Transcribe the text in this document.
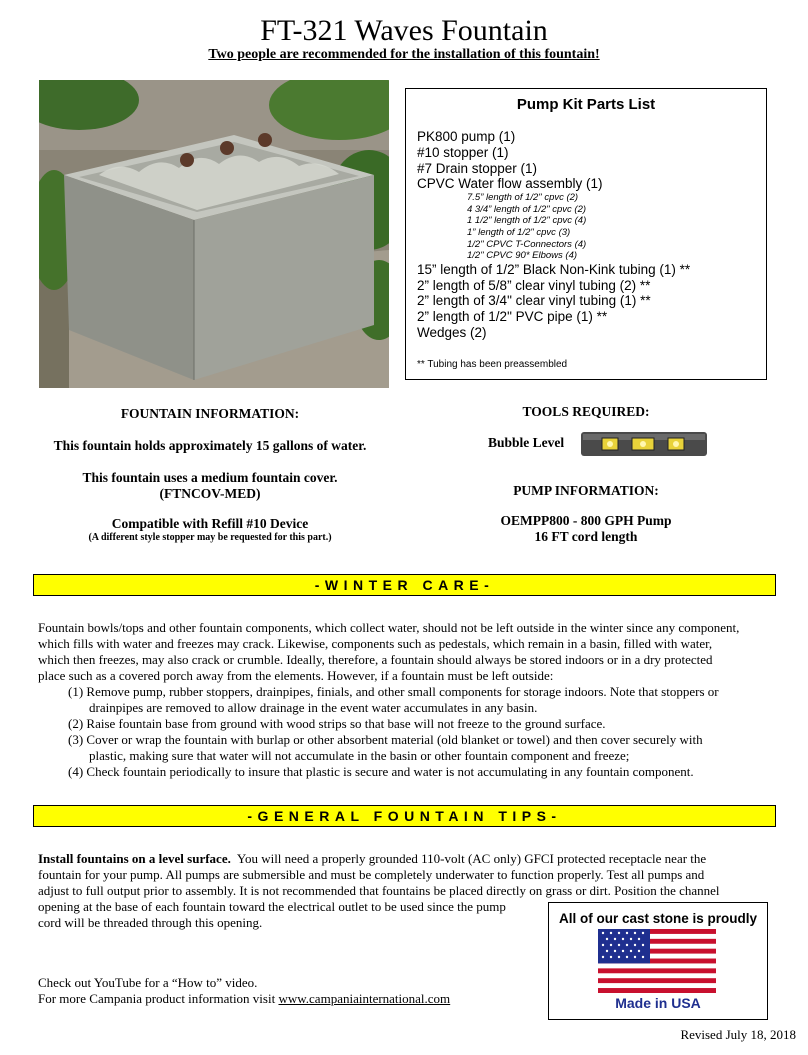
FT-321 Waves Fountain
Two people are recommended for the installation of this fountain!
Pump Kit Parts List
PK800 pump (1)
#10 stopper (1)
#7 Drain stopper (1)
CPVC Water flow assembly (1)
7.5” length of 1/2" cpvc (2)
4 3/4” length of 1/2" cpvc (2)
1 1/2" length of 1/2" cpvc (4)
1” length of 1/2" cpvc (3)
1/2" CPVC T-Connectors (4)
1/2" CPVC 90* Elbows (4)
15” length of 1/2” Black Non-Kink tubing (1) **
2” length of 5/8” clear vinyl tubing (2) **
2” length of 3/4" clear vinyl tubing (1) **
2” length of 1/2" PVC pipe (1) **
Wedges (2)
** Tubing has been preassembled
FOUNTAIN INFORMATION:
This fountain holds approximately 15 gallons of water.
This fountain uses a medium fountain cover.
(FTNCOV-MED)
Compatible with Refill #10 Device
(A different style stopper may be requested for this part.)
TOOLS REQUIRED:
Bubble Level
PUMP INFORMATION:
OEMPP800 - 800 GPH Pump
16 FT cord length
-WINTER CARE-
Fountain bowls/tops and other fountain components, which collect water, should not be left outside in the winter since any component,
which fills with water and freezes may crack. Likewise, components such as pedestals, which remain in a basin, filled with water,
which then freezes, may also crack or crumble. Ideally, therefore, a fountain should always be stored indoors or in a dry protected
place such as a covered porch away from the elements. However, if a fountain must be left outside:
(1) Remove pump, rubber stoppers, drainpipes, finials, and other small components for storage indoors. Note that stoppers or
drainpipes are removed to allow drainage in the event water accumulates in any basin.
(2) Raise fountain base from ground with wood strips so that base will not freeze to the ground surface.
(3) Cover or wrap the fountain with burlap or other absorbent material (old blanket or towel) and then cover securely with
plastic, making sure that water will not accumulate in the basin or other fountain component and freeze;
(4) Check fountain periodically to insure that plastic is secure and water is not accumulating in any fountain component.
-GENERAL FOUNTAIN TIPS-
Install fountains on a level surface.  You will need a properly grounded 110-volt (AC only) GFCI protected receptacle near the
fountain for your pump. All pumps are submersible and must be completely underwater to function properly. Test all pumps and
adjust to full output prior to assembly. It is not recommended that fountains be placed directly on grass or dirt. Position the channel
opening at the base of each fountain toward the electrical outlet to be used since the pump
cord will be threaded through this opening.
Check out YouTube for a “How to” video.
For more Campania product information visit www.campaniainternational.com
All of our cast stone is proudly
Made in USA
Revised July 18, 2018
